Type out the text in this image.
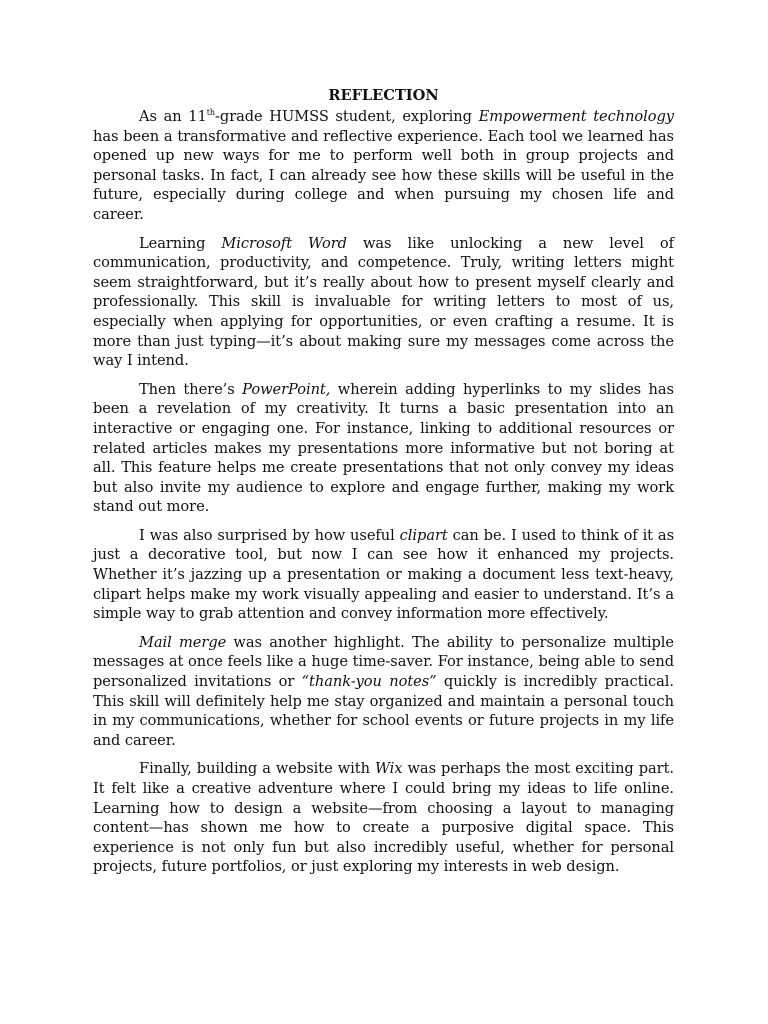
REFLECTION

As an 11th-grade HUMSS student, exploring Empowerment technology has been a transformative and reflective experience. Each tool we learned has opened up new ways for me to perform well both in group projects and personal tasks. In fact, I can already see how these skills will be useful in the future, especially during college and when pursuing my chosen life and career.

Learning Microsoft Word was like unlocking a new level of communication, productivity, and competence. Truly, writing letters might seem straightforward, but it’s really about how to present myself clearly and professionally. This skill is invaluable for writing letters to most of us, especially when applying for opportunities, or even crafting a resume. It is more than just typing—it’s about making sure my messages come across the way I intend.

Then there’s PowerPoint, wherein adding hyperlinks to my slides has been a revelation of my creativity. It turns a basic presentation into an interactive or engaging one. For instance, linking to additional resources or related articles makes my presentations more informative but not boring at all. This feature helps me create presentations that not only convey my ideas but also invite my audience to explore and engage further, making my work stand out more.

I was also surprised by how useful clipart can be. I used to think of it as just a decorative tool, but now I can see how it enhanced my projects. Whether it’s jazzing up a presentation or making a document less text-heavy, clipart helps make my work visually appealing and easier to understand. It’s a simple way to grab attention and convey information more effectively.

Mail merge was another highlight. The ability to personalize multiple messages at once feels like a huge time-saver. For instance, being able to send personalized invitations or “thank-you notes” quickly is incredibly practical. This skill will definitely help me stay organized and maintain a personal touch in my communications, whether for school events or future projects in my life and career.

Finally, building a website with Wix was perhaps the most exciting part. It felt like a creative adventure where I could bring my ideas to life online. Learning how to design a website—from choosing a layout to managing content—has shown me how to create a purposive digital space. This experience is not only fun but also incredibly useful, whether for personal projects, future portfolios, or just exploring my interests in web design.
